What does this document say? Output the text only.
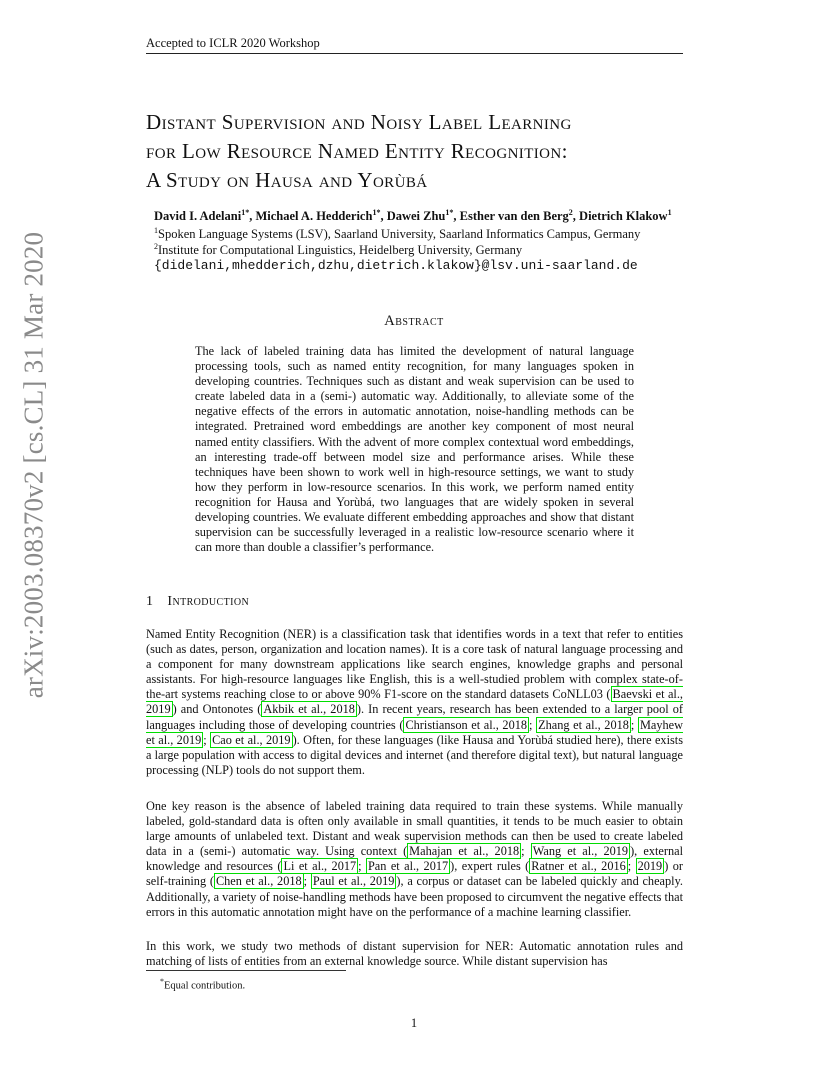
Accepted to ICLR 2020 Workshop
arXiv:2003.08370v2 [cs.CL] 31 Mar 2020
Distant Supervision and Noisy Label Learning
for Low Resource Named Entity Recognition:
A Study on Hausa and Yorùbá
David I. Adelani$^{1*}$, Michael A. Hedderich$^{1*}$, Dawei Zhu$^{1*}$, Esther van den Berg$^2$, Dietrich Klakow$^1$
$^1$Spoken Language Systems (LSV), Saarland University, Saarland Informatics Campus, Germany
$^2$Institute for Computational Linguistics, Heidelberg University, Germany
{didelani,mhedderich,dzhu,dietrich.klakow}@lsv.uni-saarland.de
Abstract
The lack of labeled training data has limited the development of natural language processing tools, such as named entity recognition, for many languages spoken in developing countries. Techniques such as distant and weak supervision can be used to create labeled data in a (semi-) automatic way. Additionally, to alleviate some of the negative effects of the errors in automatic annotation, noise-handling methods can be integrated. Pretrained word embeddings are another key component of most neural named entity classifiers. With the advent of more complex contextual word embeddings, an interesting trade-off between model size and performance arises. While these techniques have been shown to work well in high-resource settings, we want to study how they perform in low-resource scenarios. In this work, we perform named entity recognition for Hausa and Yorùbá, two languages that are widely spoken in several developing countries. We evaluate different embedding approaches and show that distant supervision can be successfully leveraged in a realistic low-resource scenario where it can more than double a classifier’s performance.
1 Introduction
Named Entity Recognition (NER) is a classification task that identifies words in a text that refer to entities (such as dates, person, organization and location names). It is a core task of natural language processing and a component for many downstream applications like search engines, knowledge graphs and personal assistants. For high-resource languages like English, this is a well-studied problem with complex state-of-the-art systems reaching close to or above 90% F1-score on the standard datasets CoNLL03 ( Baevski et al., 2019 ) and Ontonotes ( Akbik et al., 2018 ). In recent years, research has been extended to a larger pool of languages including those of developing countries ( Christianson et al., 2018 ; Zhang et al., 2018 ; Mayhew et al., 2019 ; Cao et al., 2019 ). Often, for these languages (like Hausa and Yorùbá studied here), there exists a large population with access to digital devices and internet (and therefore digital text), but natural language processing (NLP) tools do not support them.
One key reason is the absence of labeled training data required to train these systems. While manually labeled, gold-standard data is often only available in small quantities, it tends to be much easier to obtain large amounts of unlabeled text. Distant and weak supervision methods can then be used to create labeled data in a (semi-) automatic way. Using context ( Mahajan et al., 2018 ; Wang et al., 2019 ), external knowledge and resources ( Li et al., 2017 ; Pan et al., 2017 ), expert rules ( Ratner et al., 2016 ; 2019 ) or self-training ( Chen et al., 2018 ; Paul et al., 2019 ), a corpus or dataset can be labeled quickly and cheaply. Additionally, a variety of noise-handling methods have been proposed to circumvent the negative effects that errors in this automatic annotation might have on the performance of a machine learning classifier.
In this work, we study two methods of distant supervision for NER: Automatic annotation rules and matching of lists of entities from an external knowledge source. While distant supervision has
*Equal contribution.
1
